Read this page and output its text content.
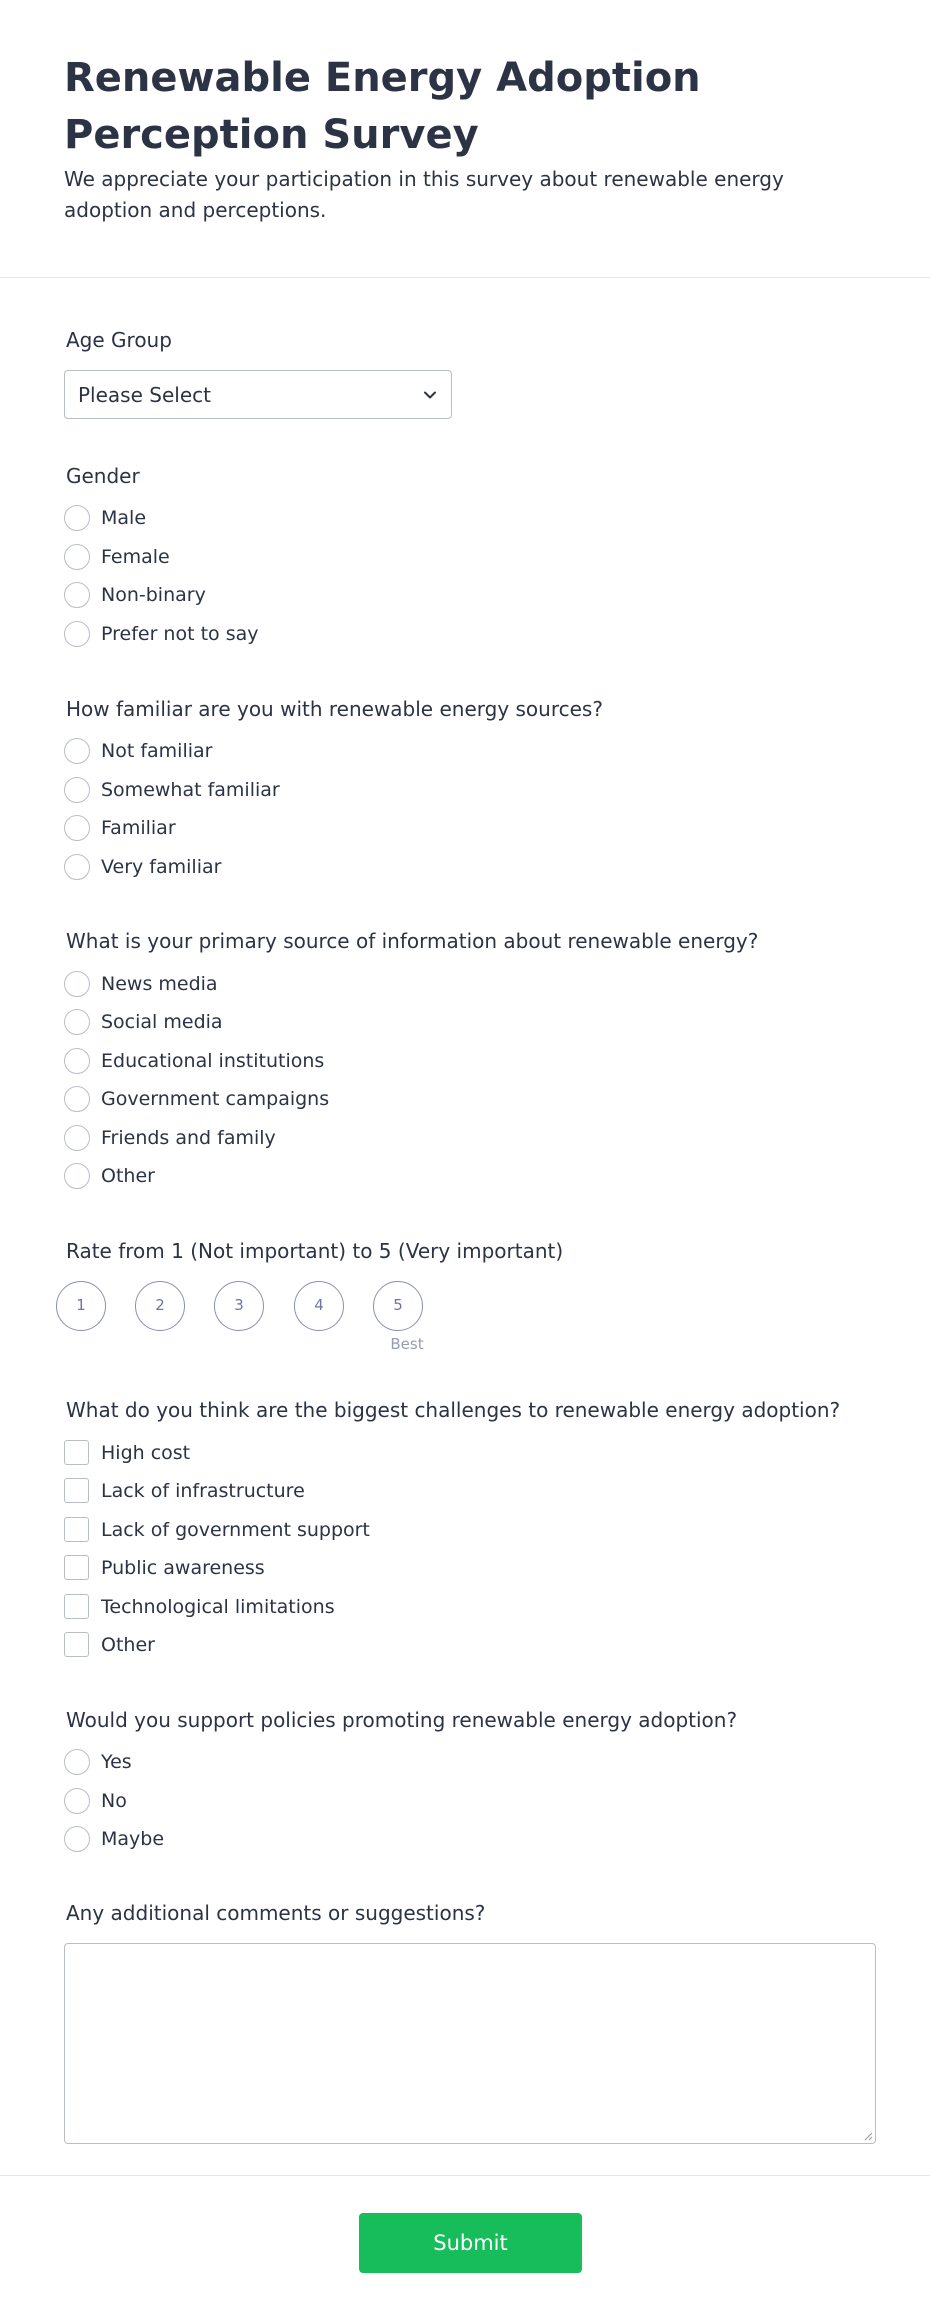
Renewable Energy Adoption Perception Survey

We appreciate your participation in this survey about renewable energy adoption and perceptions.

Age Group
Please Select
Gender
Male
Female
Non-binary
Prefer not to say
How familiar are you with renewable energy sources?
Not familiar
Somewhat familiar
Familiar
Very familiar
What is your primary source of information about renewable energy?
News media
Social media
Educational institutions
Government campaigns
Friends and family
Other
Rate from 1 (Not important) to 5 (Very important)
1	2	3	4	5
Best
What do you think are the biggest challenges to renewable energy adoption?
High cost
Lack of infrastructure
Lack of government support
Public awareness
Technological limitations
Other
Would you support policies promoting renewable energy adoption?
Yes
No
Maybe
Any additional comments or suggestions?
Submit
